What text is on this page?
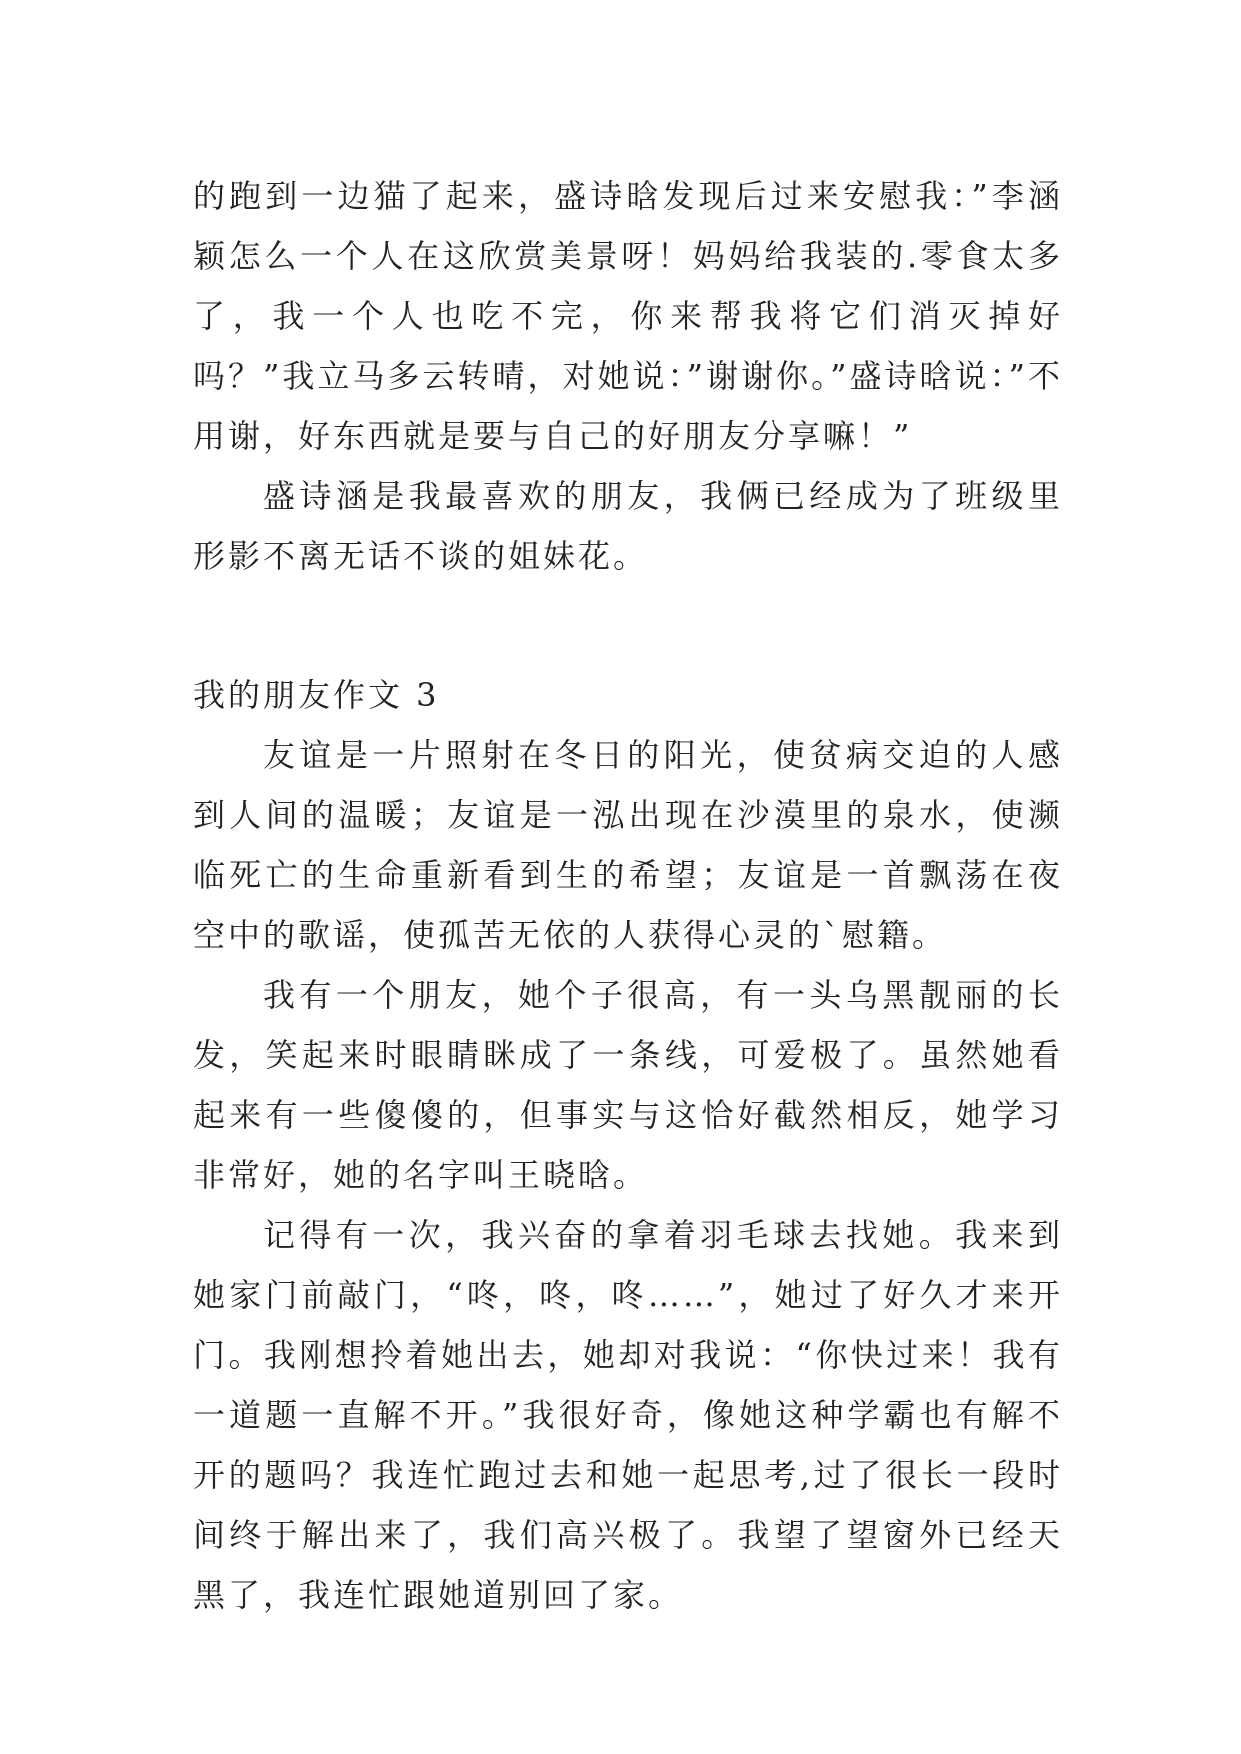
的跑到一边猫了起来，盛诗晗发现后过来安慰我：”李涵颖怎么一个人在这欣赏美景呀！妈妈给我装的.零食太多了，我一个人也吃不完，你来帮我将它们消灭掉好吗？”我立马多云转晴，对她说：”谢谢你。”盛诗晗说：”不用谢，好东西就是要与自己的好朋友分享嘛！”

盛诗涵是我最喜欢的朋友，我俩已经成为了班级里形影不离无话不谈的姐妹花。

我的朋友作文 3

友谊是一片照射在冬日的阳光，使贫病交迫的人感到人间的温暖；友谊是一泓出现在沙漠里的泉水，使濒临死亡的生命重新看到生的希望；友谊是一首飘荡在夜空中的歌谣，使孤苦无依的人获得心灵的`慰籍。

我有一个朋友，她个子很高，有一头乌黑靓丽的长发，笑起来时眼睛眯成了一条线，可爱极了。虽然她看起来有一些傻傻的，但事实与这恰好截然相反，她学习非常好，她的名字叫王晓晗。

记得有一次，我兴奋的拿着羽毛球去找她。我来到她家门前敲门，“咚，咚，咚……”，她过了好久才来开门。我刚想拎着她出去，她却对我说：“你快过来！我有一道题一直解不开。”我很好奇，像她这种学霸也有解不开的题吗？我连忙跑过去和她一起思考,过了很长一段时间终于解出来了，我们高兴极了。我望了望窗外已经天黑了，我连忙跟她道别回了家。
